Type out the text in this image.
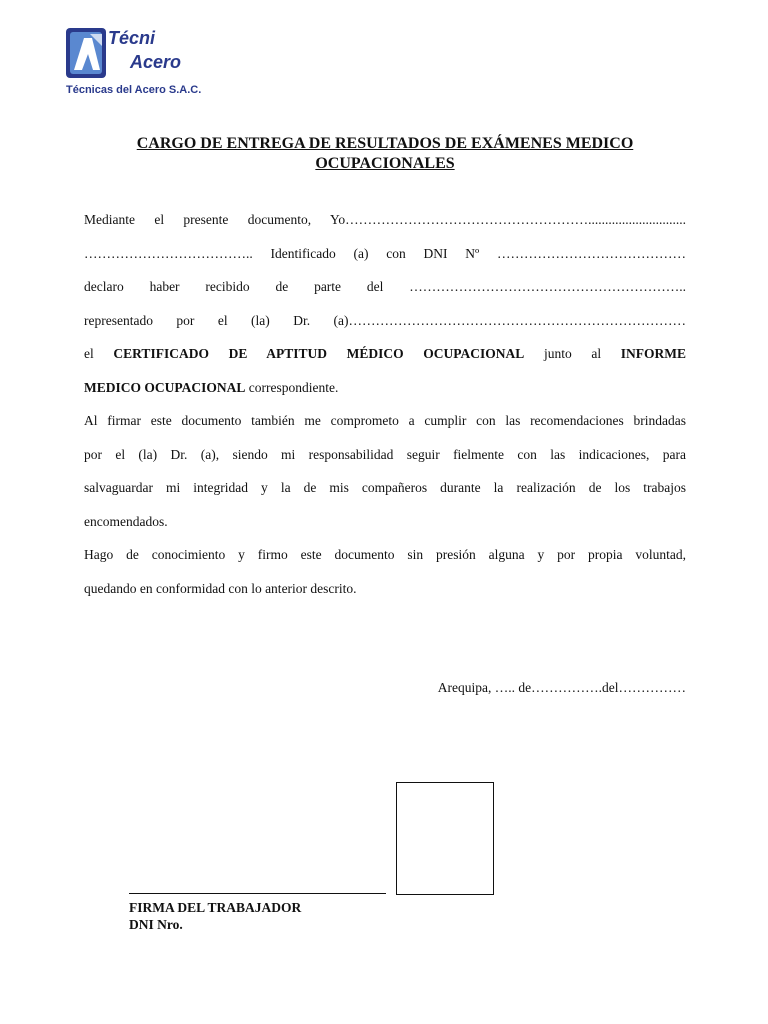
Técni
Acero
Técnicas del Acero S.A.C.
CARGO DE ENTREGA DE RESULTADOS DE EXÁMENES MEDICO
OCUPACIONALES
Mediante el presente documento, Yo……………………………………………….............................
……………………………….. Identificado (a) con DNI Nº ……………………………………
declaro haber recibido de parte del ……………………………………………………..
representado por el (la) Dr. (a)…………………………………………………………………
el CERTIFICADO DE APTITUD MÉDICO OCUPACIONAL junto al INFORME
MEDICO OCUPACIONAL correspondiente.
Al firmar este documento también me comprometo a cumplir con las recomendaciones brindadas
por el (la) Dr. (a), siendo mi responsabilidad seguir fielmente con las indicaciones, para
salvaguardar mi integridad y la de mis compañeros durante la realización de los trabajos
encomendados.
Hago de conocimiento y firmo este documento sin presión alguna y por propia voluntad,
quedando en conformidad con lo anterior descrito.
Arequipa, ….. de…………….del……………
FIRMA DEL TRABAJADOR
DNI Nro.
